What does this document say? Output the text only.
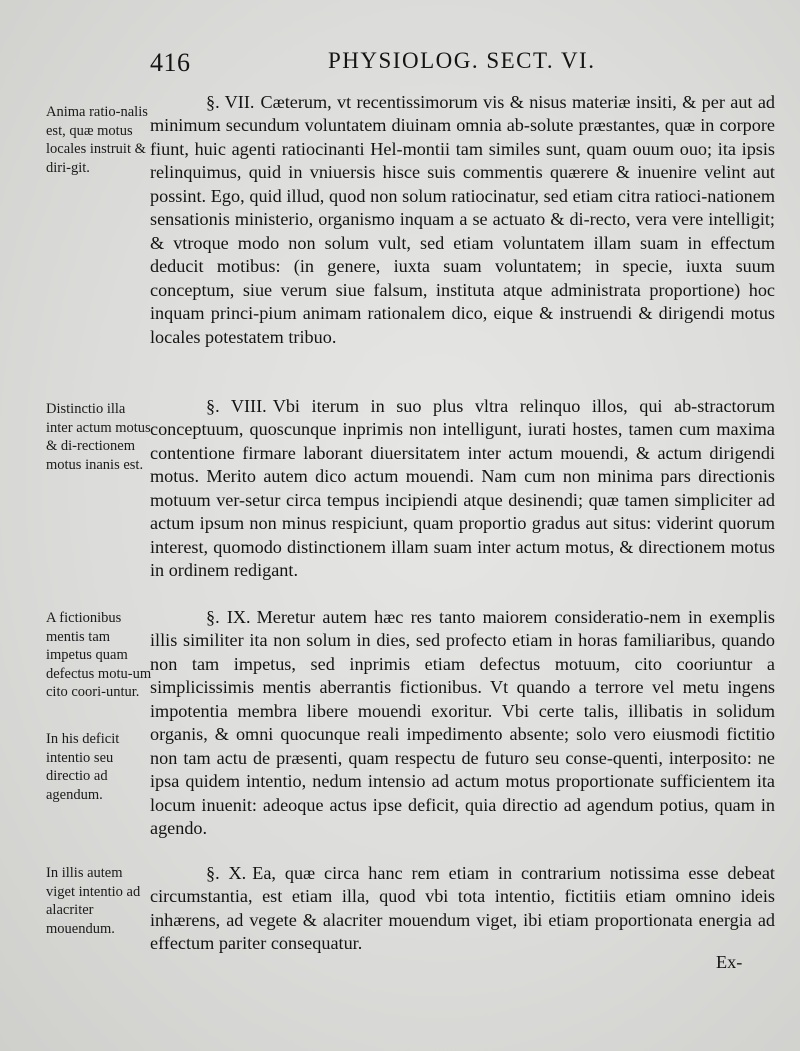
416	PHYSIOLOG. SECT. VI.
Anima ratio-nalis est, quæ motus locales instruit & diri-git.
Distinctio illa inter actum motus & di-rectionem motus inanis est.
A fictionibus mentis tam impetus quam defectus motu-um cito coori-untur.
In his deficit intentio seu directio ad agendum.
In illis autem viget intentio ad alacriter mouendum.

§. VII. Cæterum, vt recentissimorum vis & nisus materiæ insiti, & per aut ad minimum secundum voluntatem diuinam omnia ab-solute præstantes, quæ in corpore fiunt, huic agenti ratiocinanti Hel-montii tam similes sunt, quam ouum ouo; ita ipsis relinquimus, quid in vniuersis hisce suis commentis quærere & inuenire velint aut possint. Ego, quid illud, quod non solum ratiocinatur, sed etiam citra ratioci-nationem sensationis ministerio, organismo inquam a se actuato & di-recto, vera vere intelligit; & vtroque modo non solum vult, sed etiam voluntatem illam suam in effectum deducit motibus: (in genere, iuxta suam voluntatem; in specie, iuxta suum conceptum, siue verum siue falsum, instituta atque administrata proportione) hoc inquam princi-pium animam rationalem dico, eique & instruendi & dirigendi motus locales potestatem tribuo.

§. VIII. Vbi iterum in suo plus vltra relinquo illos, qui ab-stractorum conceptuum, quoscunque inprimis non intelligunt, iurati hostes, tamen cum maxima contentione firmare laborant diuersitatem inter actum mouendi, & actum dirigendi motus. Merito autem dico actum mouendi. Nam cum non minima pars directionis motuum ver-setur circa tempus incipiendi atque desinendi; quæ tamen simpliciter ad actum ipsum non minus respiciunt, quam proportio gradus aut situs: viderint quorum interest, quomodo distinctionem illam suam inter actum motus, & directionem motus in ordinem redigant.

§. IX. Meretur autem hæc res tanto maiorem consideratio-nem in exemplis illis similiter ita non solum in dies, sed profecto etiam in horas familiaribus, quando non tam impetus, sed inprimis etiam defectus motuum, cito cooriuntur a simplicissimis mentis aberrantis fictionibus. Vt quando a terrore vel metu ingens impotentia membra libere mouendi exoritur. Vbi certe talis, illibatis in solidum organis, & omni quocunque reali impedimento absente; solo vero eiusmodi fictitio non tam actu de præsenti, quam respectu de futuro seu conse-quenti, interposito: ne ipsa quidem intentio, nedum intensio ad actum motus proportionate sufficientem ita locum inuenit: adeoque actus ipse deficit, quia directio ad agendum potius, quam in agendo.

§. X. Ea, quæ circa hanc rem etiam in contrarium notissima esse debeat circumstantia, est etiam illa, quod vbi tota intentio, fictitiis etiam omnino ideis inhærens, ad vegete & alacriter mouendum viget, ibi etiam proportionata energia ad effectum pariter consequatur.

Ex-
